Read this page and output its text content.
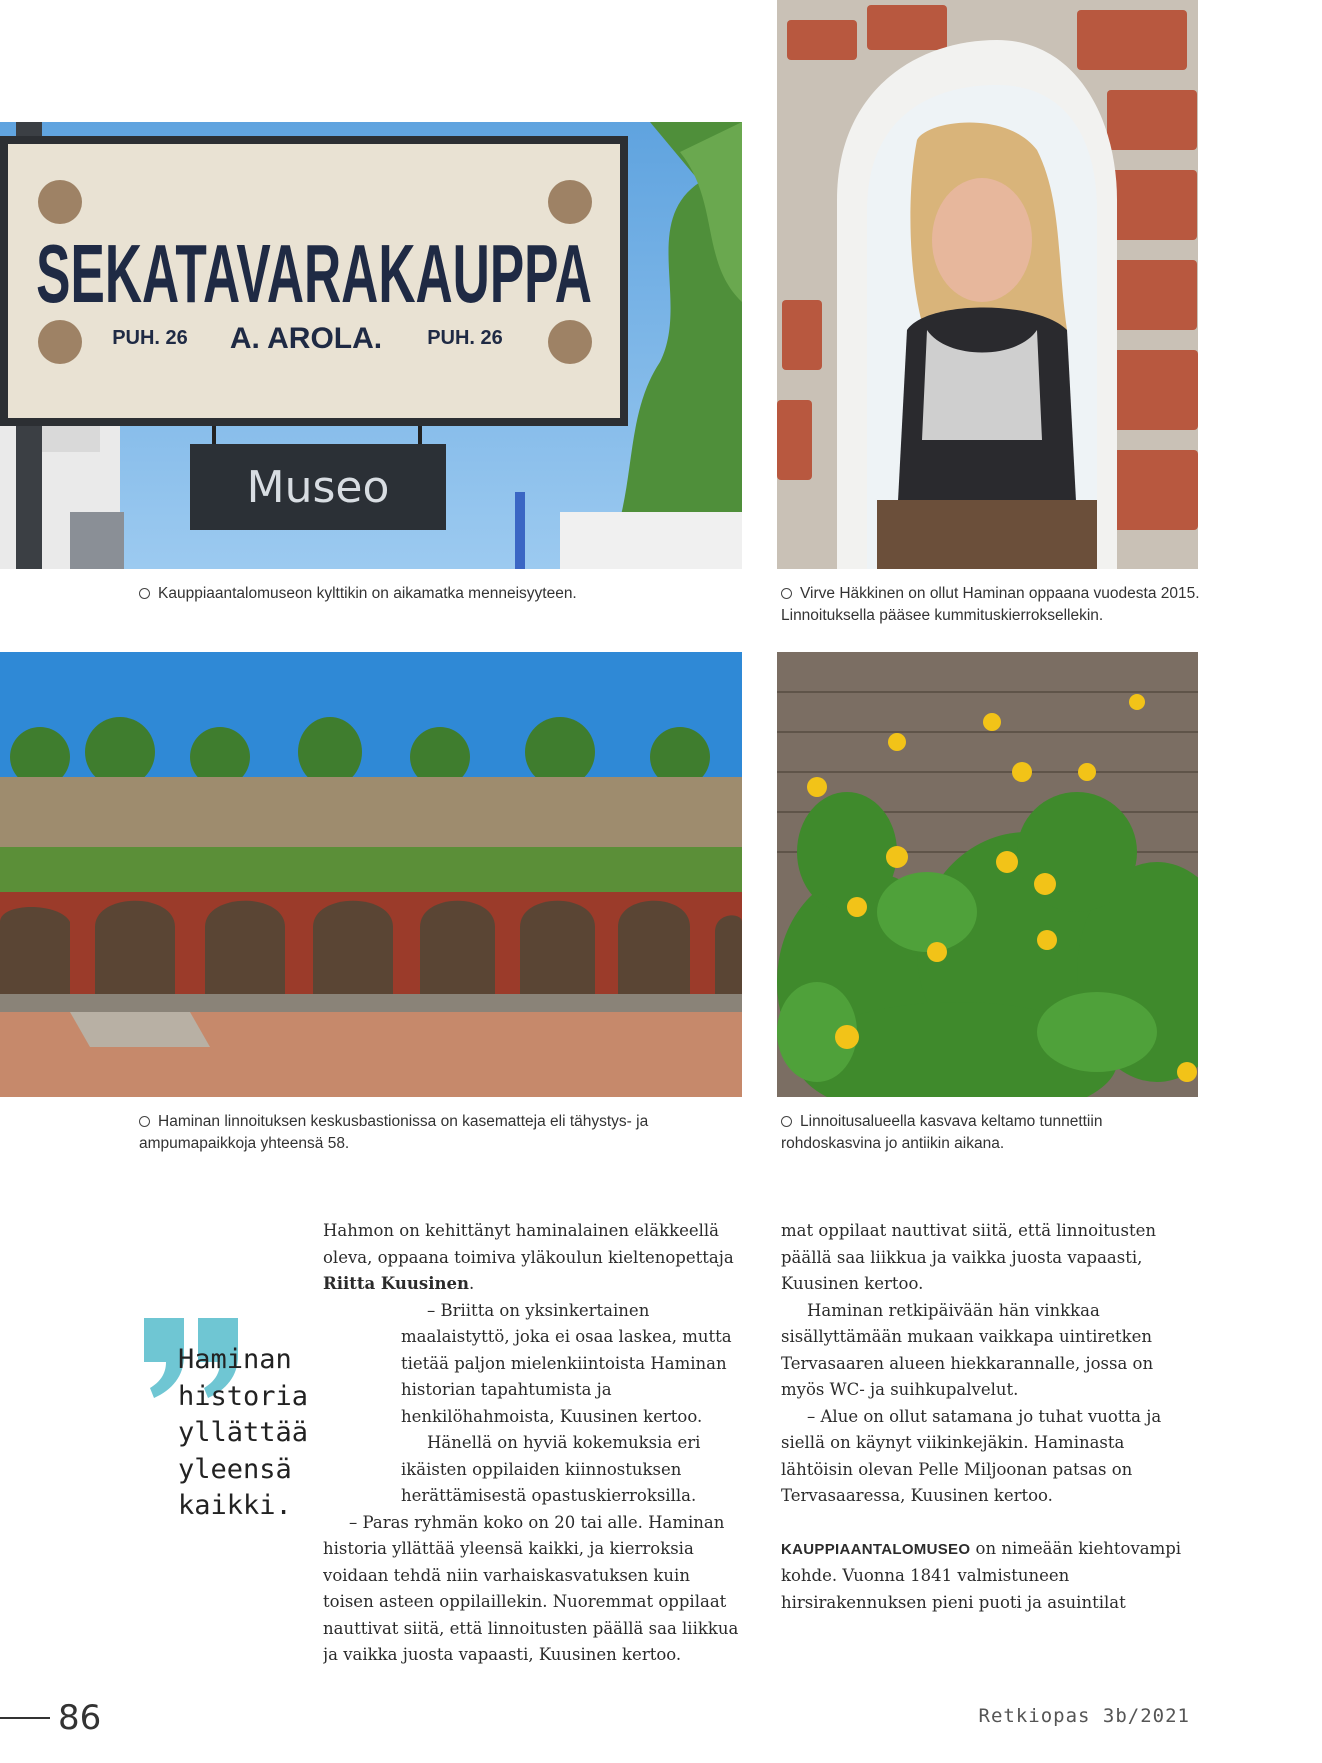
SEKATAVARAKAUPPA
PUH. 26 A. AROLA. PUH. 26
Museo
Kauppiaantalomuseon kylttikin on aikamatka menneisyyteen.	Virve Häkkinen on ollut Haminan oppaana vuodesta 2015. Linnoituksella pääsee kummituskierroksellekin.
Haminan linnoituksen keskusbastionissa on kasematteja eli tähystys- ja ampumapaikkoja yhteensä 58.
Linnoitusalueella kasvava keltamo tunnettiin rohdoskasvina jo antiikin aikana.
Haminan
historia
yllättää
yleensä
kaikki.

Hahmon on kehittänyt haminalainen eläkkeellä oleva, oppaana toimiva yläkoulun kieltenopettaja Riitta Kuusinen.

– Briitta on yksinkertainen maalaistyttö, joka ei osaa laskea, mutta tietää paljon mielenkiintoista Haminan historian tapahtumista ja henkilöhahmoista, Kuusinen kertoo.

Hänellä on hyviä kokemuksia eri ikäisten oppilaiden kiinnostuksen herättämisestä opastuskierroksilla.

– Paras ryhmän koko on 20 tai alle. Haminan historia yllättää yleensä kaikki, ja kierroksia voidaan tehdä niin varhaiskasvatuksen kuin toisen asteen oppilaillekin. Nuoremmat oppilaat nauttivat siitä, että linnoitusten päällä saa liikkua ja vaikka juosta vapaasti, Kuusinen kertoo.

mat oppilaat nauttivat siitä, että linnoitusten päällä saa liikkua ja vaikka juosta vapaasti, Kuusinen kertoo.

Haminan retkipäivään hän vinkkaa sisällyttämään mukaan vaikkapa uintiretken Tervasaaren alueen hiekkarannalle, jossa on myös WC- ja suihkupalvelut.

– Alue on ollut satamana jo tuhat vuotta ja siellä on käynyt viikinkejäkin. Haminasta lähtöisin olevan Pelle Miljoonan patsas on Tervasaaressa, Kuusinen kertoo.

KAUPPIAANTALOMUSEO on nimeään kiehtovampi kohde. Vuonna 1841 valmistuneen hirsirakennuksen pieni puoti ja asuintilat

86	Retkiopas 3b/2021
